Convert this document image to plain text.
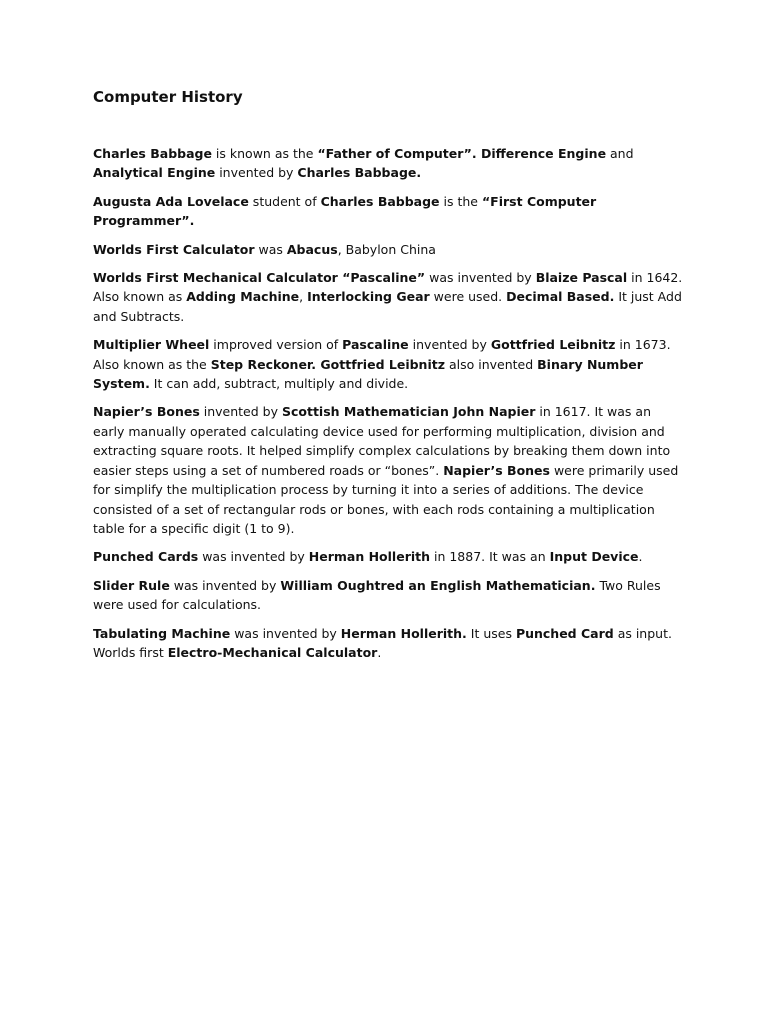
Computer History

Charles Babbage is known as the “Father of Computer”. Difference Engine and Analytical Engine invented by Charles Babbage.

Augusta Ada Lovelace student of Charles Babbage is the “First Computer Programmer”.

Worlds First Calculator was Abacus, Babylon China

Worlds First Mechanical Calculator “Pascaline” was invented by Blaize Pascal in 1642. Also known as Adding Machine, Interlocking Gear were used. Decimal Based. It just Add and Subtracts.

Multiplier Wheel improved version of Pascaline invented by Gottfried Leibnitz in 1673. Also known as the Step Reckoner. Gottfried Leibnitz also invented Binary Number System. It can add, subtract, multiply and divide.

Napier’s Bones invented by Scottish Mathematician John Napier in 1617. It was an early manually operated calculating device used for performing multiplication, division and extracting square roots. It helped simplify complex calculations by breaking them down into easier steps using a set of numbered roads or “bones”. Napier’s Bones were primarily used for simplify the multiplication process by turning it into a series of additions. The device consisted of a set of rectangular rods or bones, with each rods containing a multiplication table for a specific digit (1 to 9).

Punched Cards was invented by Herman Hollerith in 1887. It was an Input Device.

Slider Rule was invented by William Oughtred an English Mathematician. Two Rules were used for calculations.

Tabulating Machine was invented by Herman Hollerith. It uses Punched Card as input. Worlds first Electro-Mechanical Calculator.
